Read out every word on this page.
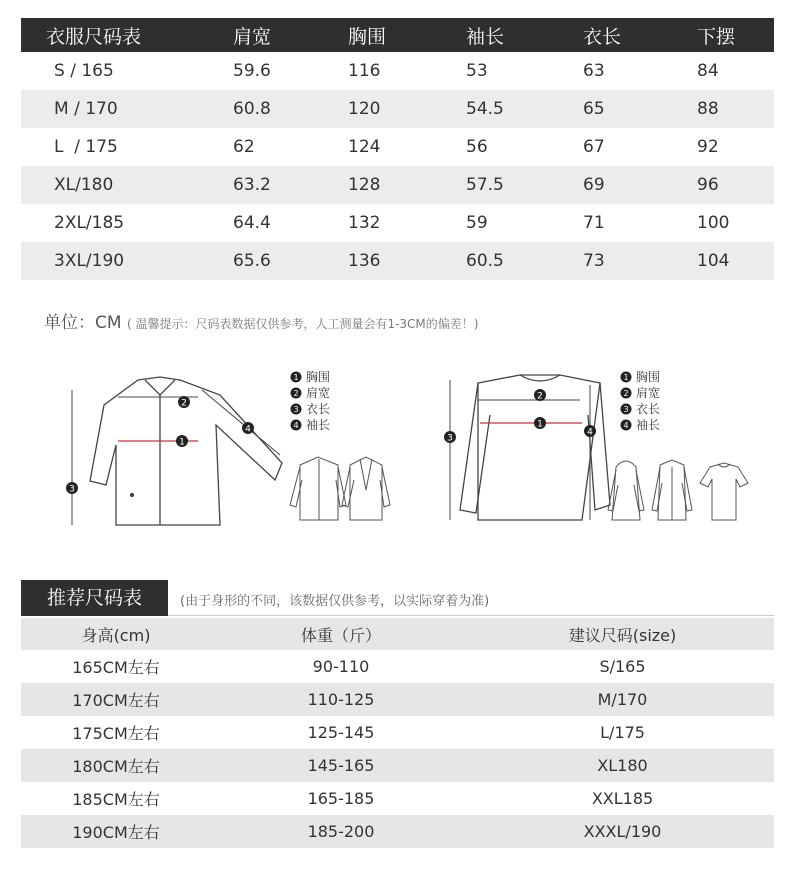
衣服尺码表	肩宽	胸围	袖长	衣长	下摆
S / 165	59.6	116	53	63	84
M / 170	60.8	120	54.5	65	88
L  / 175	62	124	56	67	92
XL/180	63.2	128	57.5	69	96
2XL/185	64.4	132	59	71	100
3XL/190	65.6	136	60.5	73	104
单位：CM ( 温馨提示：尺码表数据仅供参考，人工测量会有1-3CM的偏差！)
1
2
3
4
1 胸围
2 肩宽
3 衣长
4 袖长	1
2
3
4
1 胸围
2 肩宽
3 衣长
4 袖长
推荐尺码表	(由于身形的不同，该数据仅供参考，以实际穿着为准)
身高(cm)	体重（斤）	建议尺码(size)
165CM左右	90-110	S/165
170CM左右	110-125	M/170
175CM左右	125-145	L/175
180CM左右	145-165	XL180
185CM左右	165-185	XXL185
190CM左右	185-200	XXXL/190
